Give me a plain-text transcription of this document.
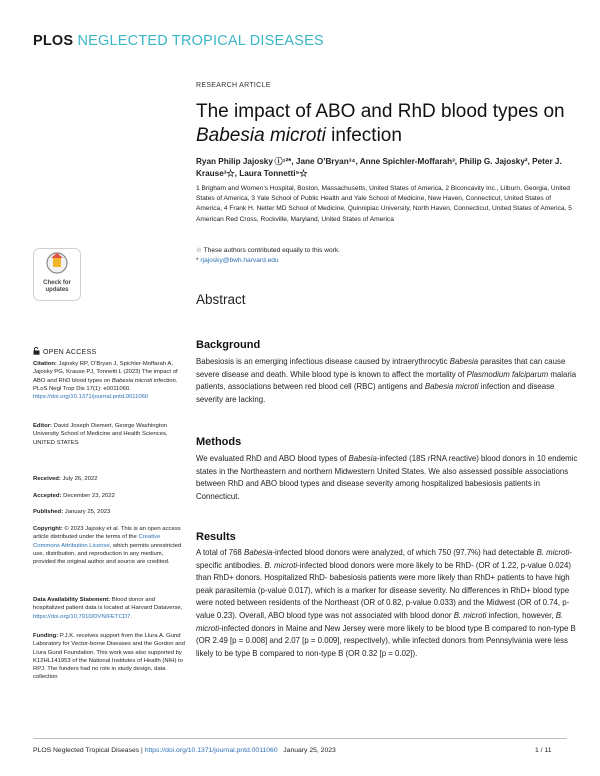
PLOS NEGLECTED TROPICAL DISEASES
Check for
updates
RESEARCH ARTICLE
The impact of ABO and RhD blood types on Babesia microti infection
Ryan Philip Jajosky ⓘ¹²*, Jane O’Bryan³⁴, Anne Spichler-Moffarah³, Philip G. Jajosky², Peter J. Krause³☆, Laura Tonnetti⁵☆
1 Brigham and Women’s Hospital, Boston, Massachusetts, United States of America, 2 Biconcavity Inc., Lilburn, Georgia, United States of America, 3 Yale School of Public Health and Yale School of Medicine, New Haven, Connecticut, United States of America, 4 Frank H. Netter MD School of Medicine, Quinnipiac University, North Haven, Connecticut, United States of America, 5 American Red Cross, Rockville, Maryland, United States of America
☆ These authors contributed equally to this work.
* rjajosky@bwh.harvard.edu
Abstract
Background
Babesiosis is an emerging infectious disease caused by intraerythrocytic Babesia parasites that can cause severe disease and death. While blood type is known to affect the mortality of Plasmodium falciparum malaria patients, associations between red blood cell (RBC) antigens and Babesia microti infection and disease severity are lacking.
Methods
We evaluated RhD and ABO blood types of Babesia-infected (18S rRNA reactive) blood donors in 10 endemic states in the Northeastern and northern Midwestern United States. We also assessed possible associations between RhD and ABO blood types and disease severity among hospitalized babesiosis patients in Connecticut.
Results
A total of 768 Babesia-infected blood donors were analyzed, of which 750 (97.7%) had detectable B. microti-specific antibodies. B. microti-infected blood donors were more likely to be RhD- (OR of 1.22, p-value 0.024) than RhD+ donors. Hospitalized RhD- babesiosis patients were more likely than RhD+ patients to have high peak parasitemia (p-value 0.017), which is a marker for disease severity. No differences in RhD+ blood type were noted between residents of the Northeast (OR of 0.82, p-value 0.033) and the Midwest (OR of 0.74, p-value 0.23). Overall, ABO blood type was not associated with blood donor B. microti infection, however, B. microti-infected donors in Maine and New Jersey were more likely to be blood type B compared to non-type B (OR 2.49 [p = 0.008] and 2.07 [p = 0.009], respectively), while infected donors from Pennsylvania were less likely to be type B compared to non-type B (OR 0.32 [p = 0.02]).
OPEN ACCESS
Citation: Jajosky RP, O’Bryan J, Spichler-Moffarah A, Jajosky PG, Krause PJ, Tonnetti L (2023) The impact of ABO and RhD blood types on Babesia microti infection. PLoS Negl Trop Dis 17(1): e0011060. https://doi.org/10.1371/journal.pntd.0011060
Editor: David Joseph Diemert, George Washington University School of Medicine and Health Sciences, UNITED STATES
Received: July 26, 2022
Accepted: December 23, 2022
Published: January 25, 2023
Copyright: © 2023 Jajosky et al. This is an open access article distributed under the terms of the Creative Commons Attribution License, which permits unrestricted use, distribution, and reproduction in any medium, provided the original author and source are credited.
Data Availability Statement: Blood donor and hospitalized patient data is located at Harvard Dataverse, https://doi.org/10.7910/DVN/FETCD7.
Funding: P.J.K. receives support from the Llura A. Gund Laboratory for Vector-borne Diseases and the Gordon and Llura Gund Foundation. This work was also supported by K12HL141953 of the National Institutes of Health (NIH) to RPJ. The funders had no role in study design, data collection
PLOS Neglected Tropical Diseases | https://doi.org/10.1371/journal.pntd.0011060   January 25, 2023	1 / 11
